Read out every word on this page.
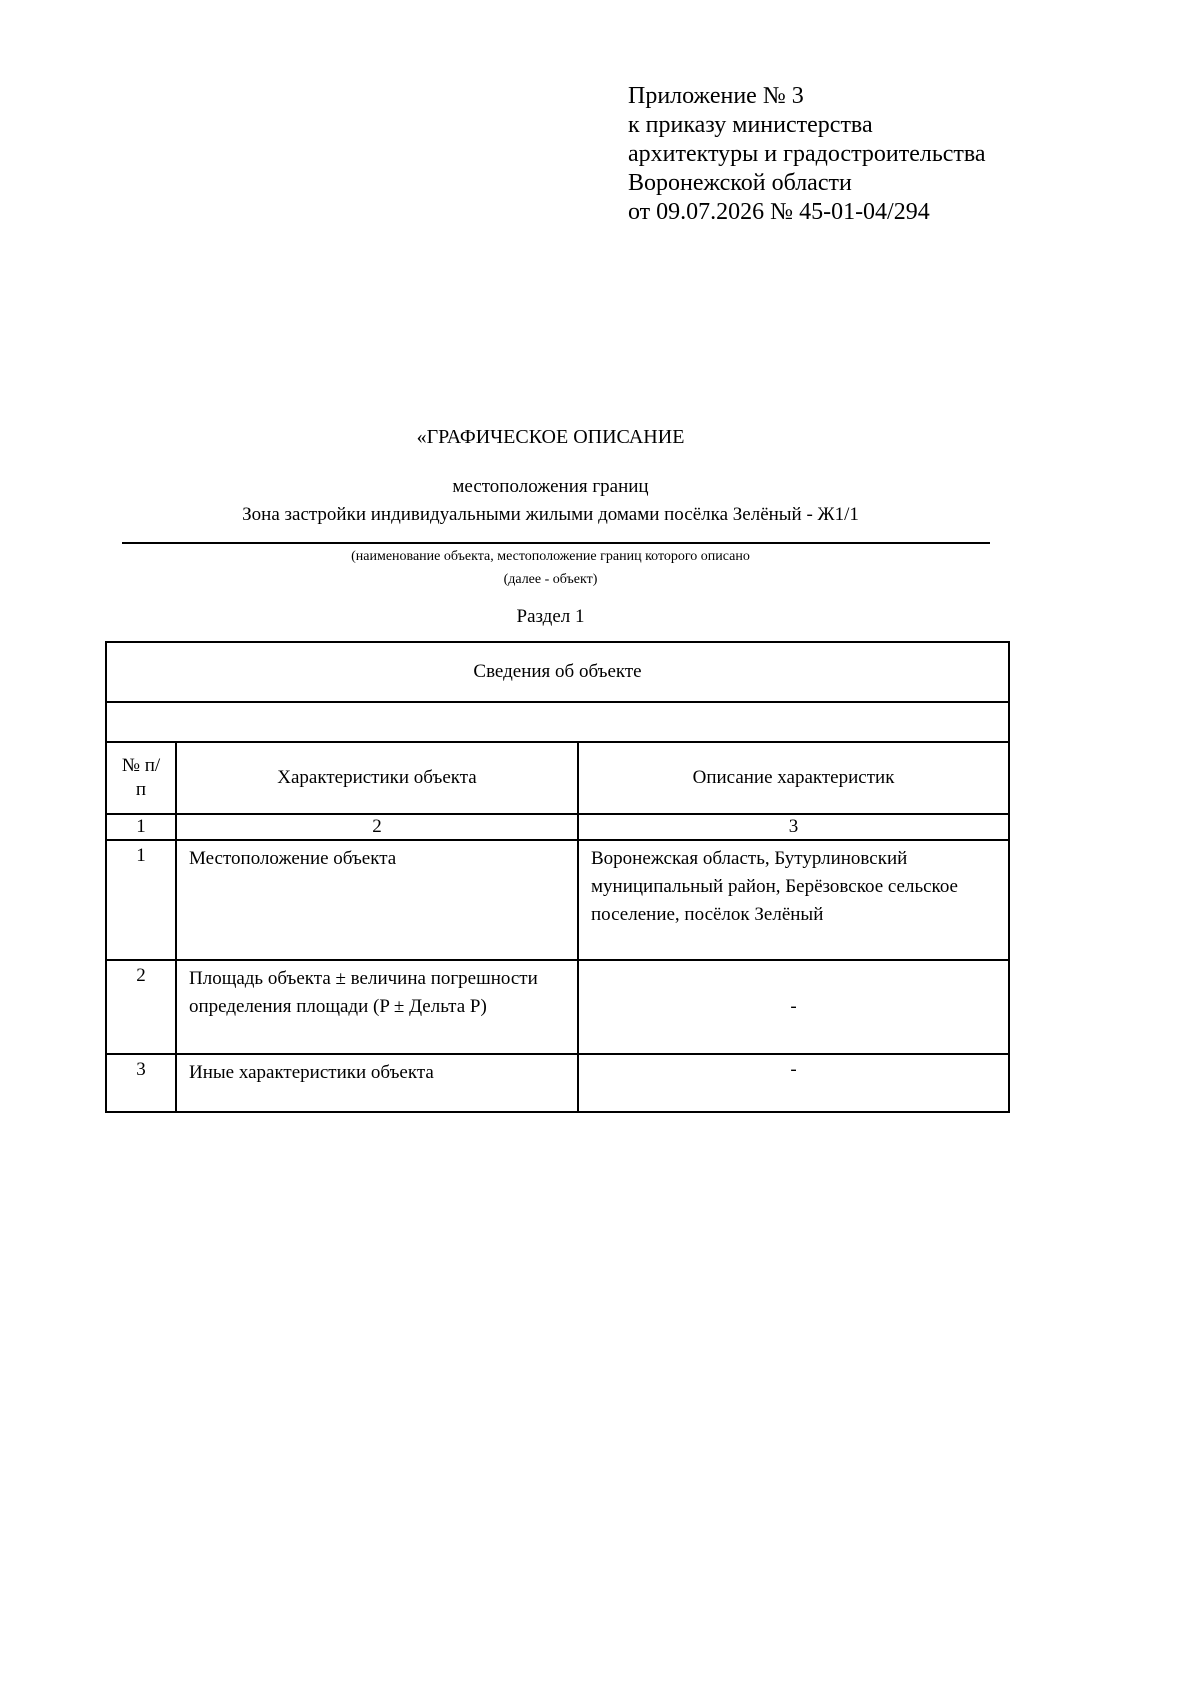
Приложение № 3
к приказу министерства
архитектуры и градостроительства
Воронежской области
от 09.07.2026 № 45-01-04/294
«ГРАФИЧЕСКОЕ ОПИСАНИЕ
местоположения границ
Зона застройки индивидуальными жилыми домами посёлка Зелёный - Ж1/1
(наименование объекта, местоположение границ которого описано
(далее - объект)
Раздел 1
Сведения об объекте		

№ п/п	Характеристики объекта	Описание характеристик
1	2	3
1	Местоположение объекта	Воронежская область, Бутурлиновский муниципальный район, Берёзовское сельское поселение, посёлок Зелёный
2	Площадь объекта ± величина погрешности определения площади (P ± Дельта P)	-
3	Иные характеристики объекта	-
